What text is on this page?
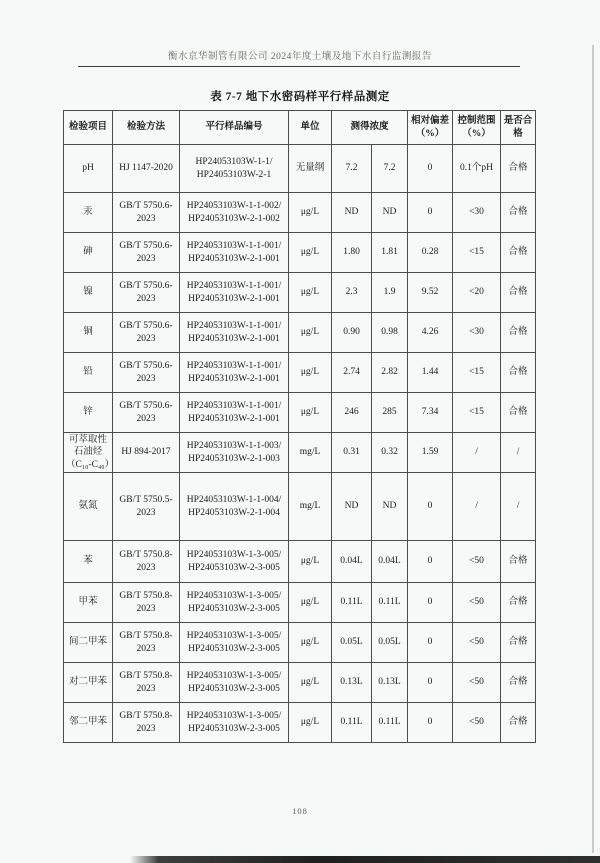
衡水京华制管有限公司 2024年度土壤及地下水自行监测报告
表 7-7 地下水密码样平行样品测定
检验项目	检验方法	平行样品编号	单位	测得浓度		相对偏差（%）	控制范围（%）	是否合格
pH	HJ 1147-2020	HP24053103W-1-1/
HP24053103W-2-1	无量纲	7.2	7.2	0	0.1个pH	合格
汞	GB/T 5750.6-2023	HP24053103W-1-1-002/
HP24053103W-2-1-002	μg/L	ND	ND	0	<30	合格
砷	GB/T 5750.6-2023	HP24053103W-1-1-001/
HP24053103W-2-1-001	μg/L	1.80	1.81	0.28	<15	合格
镍	GB/T 5750.6-2023	HP24053103W-1-1-001/
HP24053103W-2-1-001	μg/L	2.3	1.9	9.52	<20	合格
铜	GB/T 5750.6-2023	HP24053103W-1-1-001/
HP24053103W-2-1-001	μg/L	0.90	0.98	4.26	<30	合格
铅	GB/T 5750.6-2023	HP24053103W-1-1-001/
HP24053103W-2-1-001	μg/L	2.74	2.82	1.44	<15	合格
锌	GB/T 5750.6-2023	HP24053103W-1-1-001/
HP24053103W-2-1-001	μg/L	246	285	7.34	<15	合格
可萃取性石油烃（C₁₀-C₄₀）	HJ 894-2017	HP24053103W-1-1-003/
HP24053103W-2-1-003	mg/L	0.31	0.32	1.59	/	/
氨氮	GB/T 5750.5-2023	HP24053103W-1-1-004/
HP24053103W-2-1-004	mg/L	ND	ND	0	/	/
苯	GB/T 5750.8-2023	HP24053103W-1-3-005/
HP24053103W-2-3-005	μg/L	0.04L	0.04L	0	<50	合格
甲苯	GB/T 5750.8-2023	HP24053103W-1-3-005/
HP24053103W-2-3-005	μg/L	0.11L	0.11L	0	<50	合格
间二甲苯	GB/T 5750.8-2023	HP24053103W-1-3-005/
HP24053103W-2-3-005	μg/L	0.05L	0.05L	0	<50	合格
对二甲苯	GB/T 5750.8-2023	HP24053103W-1-3-005/
HP24053103W-2-3-005	μg/L	0.13L	0.13L	0	<50	合格
邻二甲苯	GB/T 5750.8-2023	HP24053103W-1-3-005/
HP24053103W-2-3-005	μg/L	0.11L	0.11L	0	<50	合格
108
